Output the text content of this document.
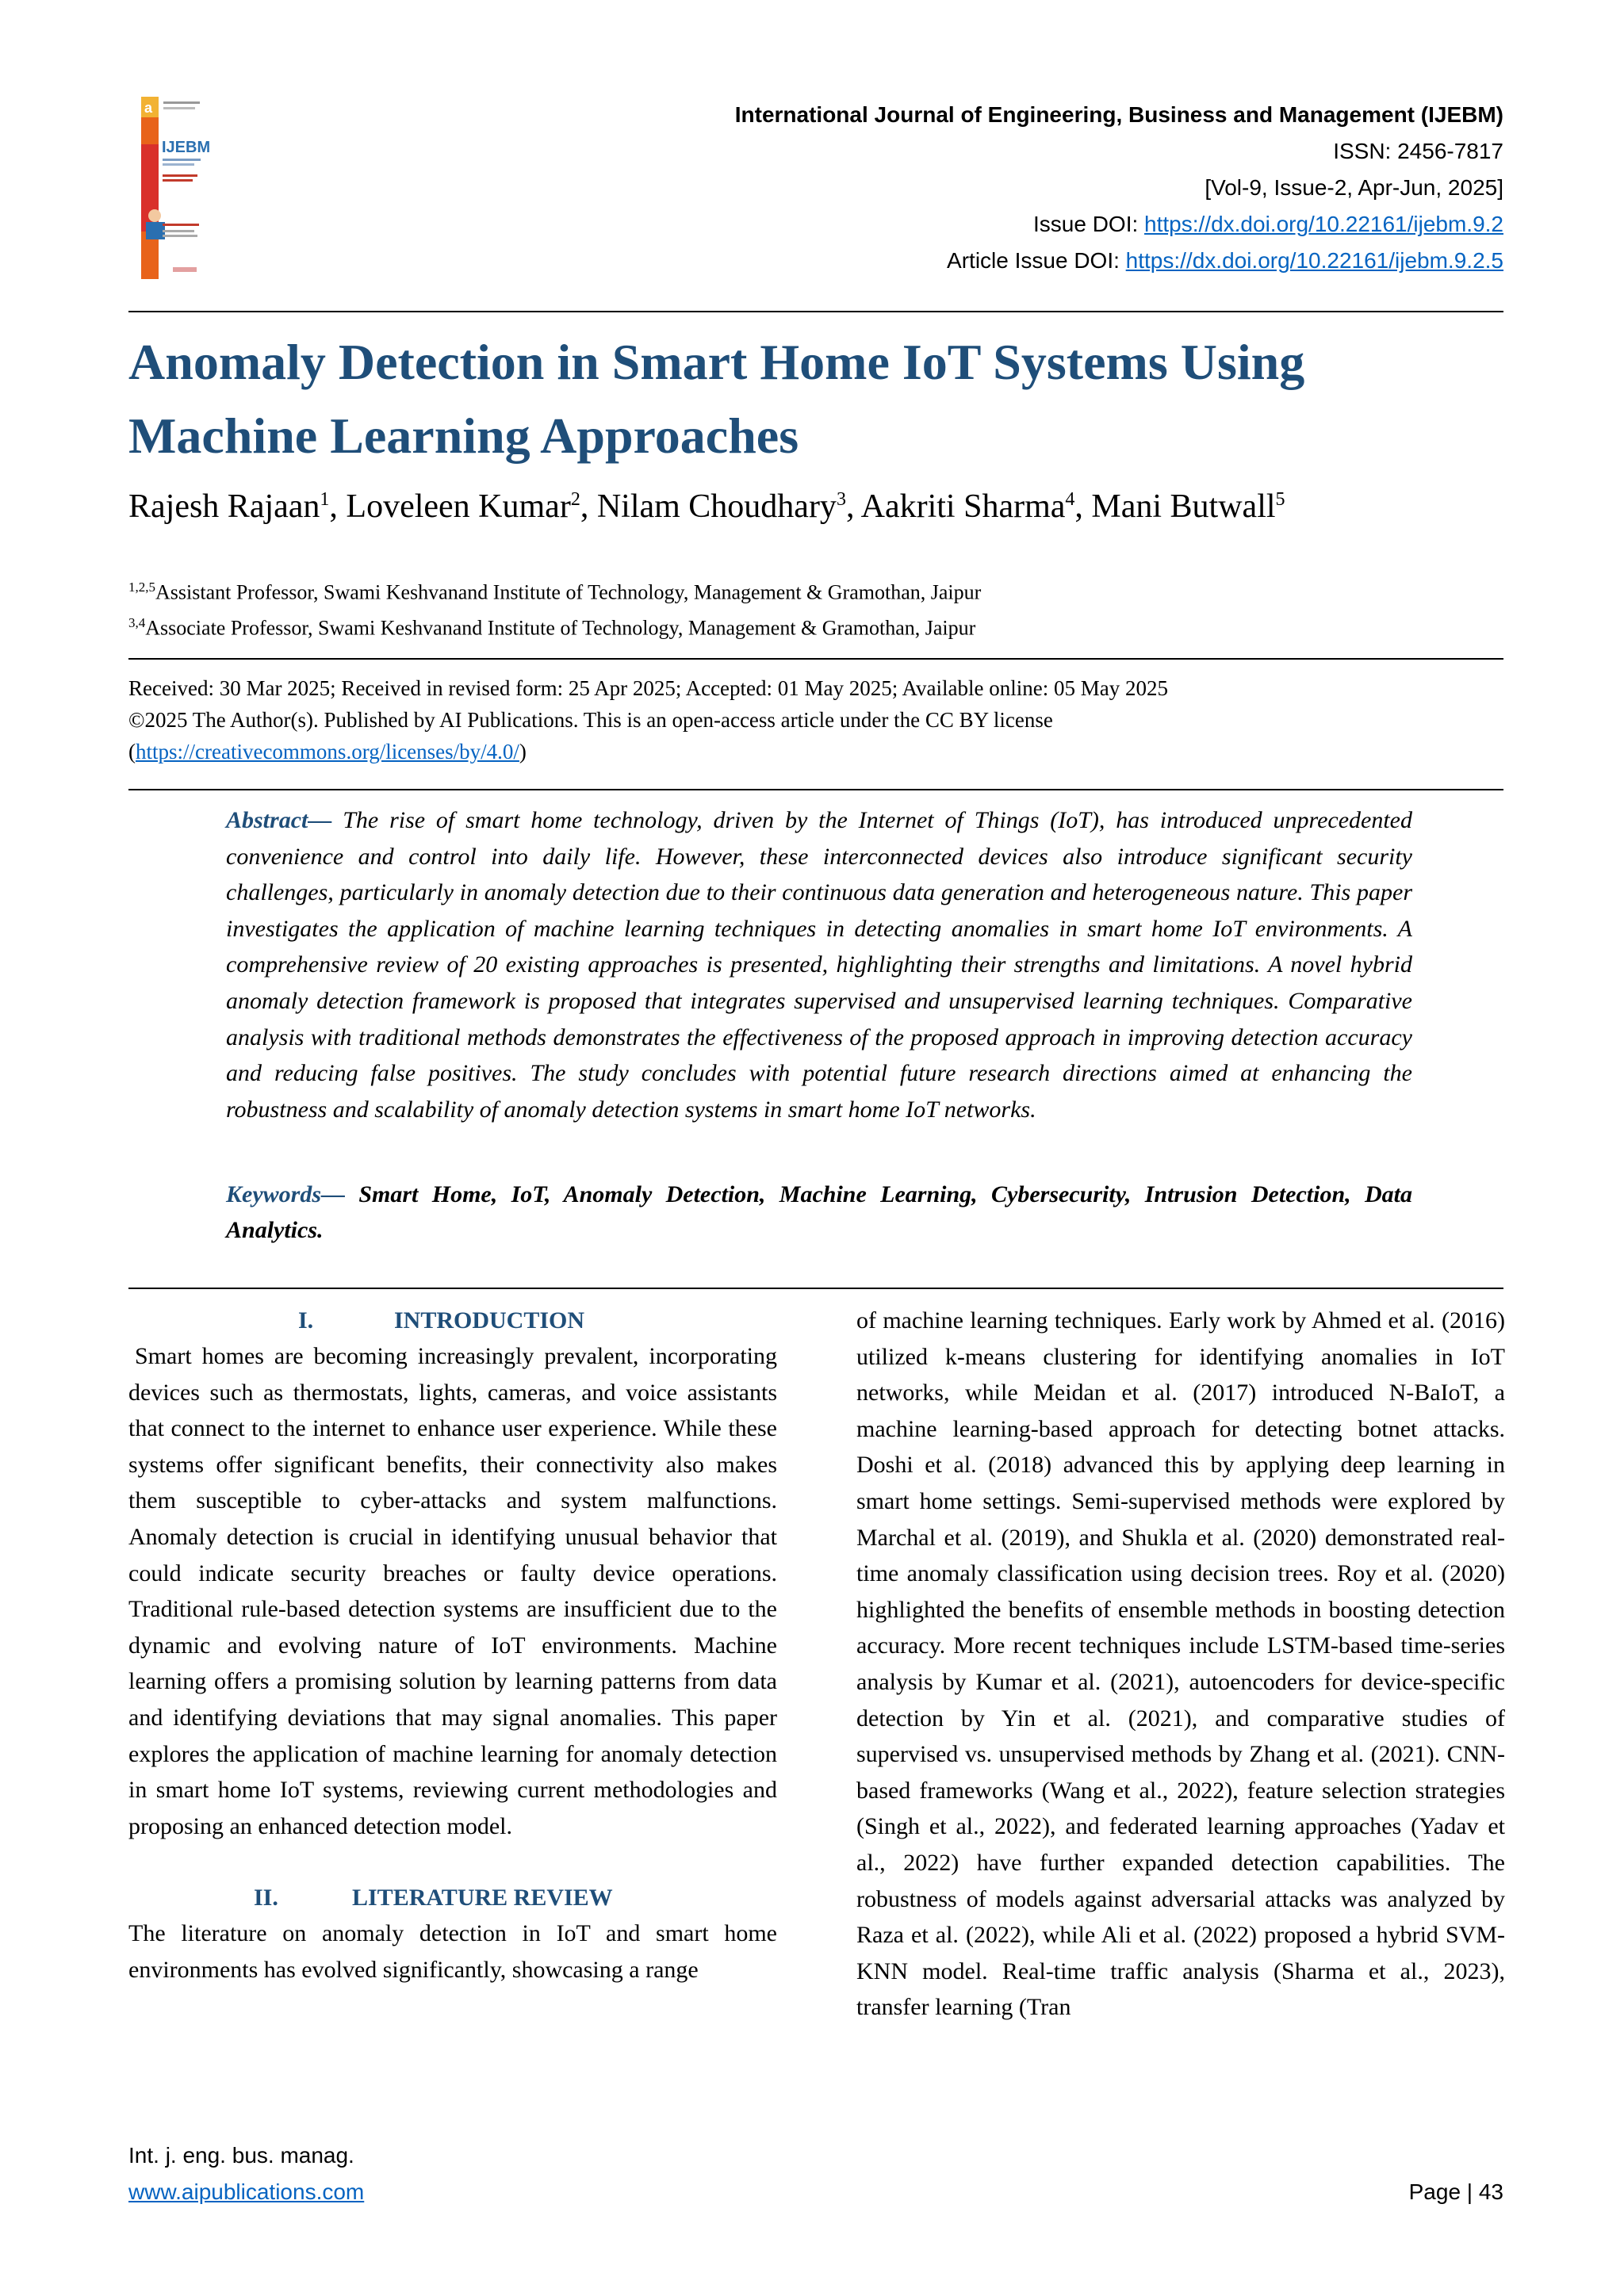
a
IJEBM
International Journal of Engineering, Business and Management (IJEBM)
ISSN: 2456-7817
[Vol-9, Issue-2, Apr-Jun, 2025]
Issue DOI: https://dx.doi.org/10.22161/ijebm.9.2
Article Issue DOI: https://dx.doi.org/10.22161/ijebm.9.2.5
Anomaly Detection in Smart Home IoT Systems Using Machine Learning Approaches
Rajesh Rajaan$^1$, Loveleen Kumar$^2$, Nilam Choudhary$^3$, Aakriti Sharma$^4$, Mani Butwall$^5$
$^{1,2,5}$Assistant Professor, Swami Keshvanand Institute of Technology, Management & Gramothan, Jaipur
$^{3,4}$Associate Professor, Swami Keshvanand Institute of Technology, Management & Gramothan, Jaipur
Received: 30 Mar 2025; Received in revised form: 25 Apr 2025; Accepted: 01 May 2025; Available online: 05 May 2025
©2025 The Author(s). Published by AI Publications. This is an open-access article under the CC BY license
(https://creativecommons.org/licenses/by/4.0/)
Abstract— The rise of smart home technology, driven by the Internet of Things (IoT), has introduced unprecedented convenience and control into daily life. However, these interconnected devices also introduce significant security challenges, particularly in anomaly detection due to their continuous data generation and heterogeneous nature. This paper investigates the application of machine learning techniques in detecting anomalies in smart home IoT environments. A comprehensive review of 20 existing approaches is presented, highlighting their strengths and limitations. A novel hybrid anomaly detection framework is proposed that integrates supervised and unsupervised learning techniques. Comparative analysis with traditional methods demonstrates the effectiveness of the proposed approach in improving detection accuracy and reducing false positives. The study concludes with potential future research directions aimed at enhancing the robustness and scalability of anomaly detection systems in smart home IoT networks.
Keywords— Smart Home, IoT, Anomaly Detection, Machine Learning, Cybersecurity, Intrusion Detection, Data Analytics.
I.	INTRODUCTION

Smart homes are becoming increasingly prevalent, incorporating devices such as thermostats, lights, cameras, and voice assistants that connect to the internet to enhance user experience. While these systems offer significant benefits, their connectivity also makes them susceptible to cyber-attacks and system malfunctions. Anomaly detection is crucial in identifying unusual behavior that could indicate security breaches or faulty device operations. Traditional rule-based detection systems are insufficient due to the dynamic and evolving nature of IoT environments. Machine learning offers a promising solution by learning patterns from data and identifying deviations that may signal anomalies. This paper explores the application of machine learning for anomaly detection in smart home IoT systems, reviewing current methodologies and proposing an enhanced detection model.

II.	LITERATURE REVIEW

The literature on anomaly detection in IoT and smart home environments has evolved significantly, showcasing a range

of machine learning techniques. Early work by Ahmed et al. (2016) utilized k-means clustering for identifying anomalies in IoT networks, while Meidan et al. (2017) introduced N-BaIoT, a machine learning-based approach for detecting botnet attacks. Doshi et al. (2018) advanced this by applying deep learning in smart home settings. Semi-supervised methods were explored by Marchal et al. (2019), and Shukla et al. (2020) demonstrated real-time anomaly classification using decision trees. Roy et al. (2020) highlighted the benefits of ensemble methods in boosting detection accuracy. More recent techniques include LSTM-based time-series analysis by Kumar et al. (2021), autoencoders for device-specific detection by Yin et al. (2021), and comparative studies of supervised vs. unsupervised methods by Zhang et al. (2021). CNN-based frameworks (Wang et al., 2022), feature selection strategies (Singh et al., 2022), and federated learning approaches (Yadav et al., 2022) have further expanded detection capabilities. The robustness of models against adversarial attacks was analyzed by Raza et al. (2022), while Ali et al. (2022) proposed a hybrid SVM-KNN model. Real-time traffic analysis (Sharma et al., 2023), transfer learning (Tran

Int. j. eng. bus. manag.
www.aipublications.com	Page | 43
